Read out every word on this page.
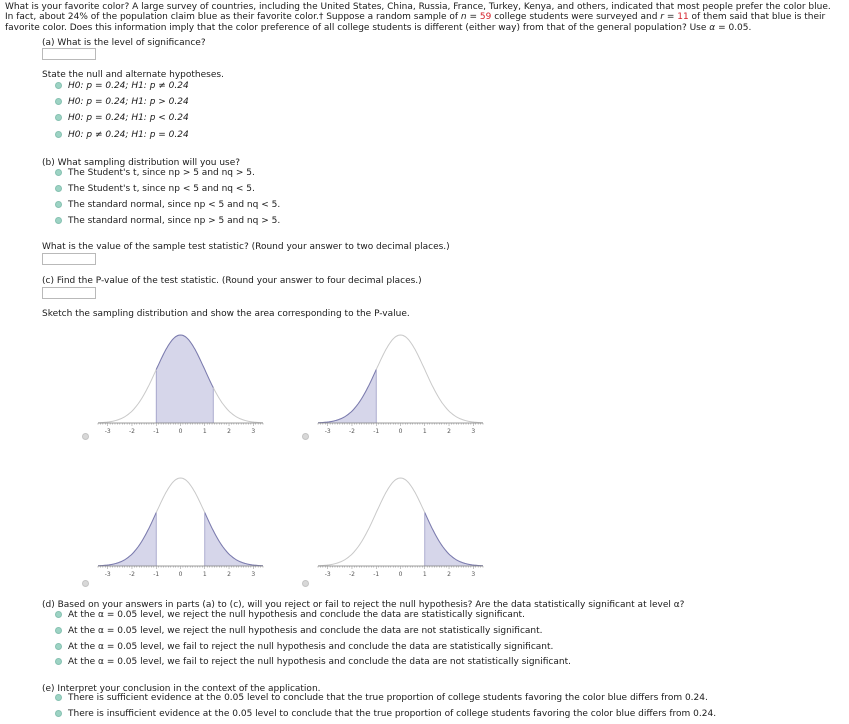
What is your favorite color? A large survey of countries, including the United States, China, Russia, France, Turkey, Kenya, and others, indicated that most people prefer the color blue. In fact, about 24% of the population claim blue as their favorite color.† Suppose a random sample of n = 59 college students were surveyed and r = 11 of them said that blue is their favorite color. Does this information imply that the color preference of all college students is different (either way) from that of the general population? Use α = 0.05.
(a) What is the level of significance?
State the null and alternate hypotheses.
H0: p = 0.24; H1: p ≠ 0.24
H0: p = 0.24; H1: p > 0.24
H0: p = 0.24; H1: p < 0.24
H0: p ≠ 0.24; H1: p = 0.24
(b) What sampling distribution will you use?
The Student's t, since np > 5 and nq > 5.
The Student's t, since np < 5 and nq < 5.
The standard normal, since np < 5 and nq < 5.
The standard normal, since np > 5 and nq > 5.
What is the value of the sample test statistic? (Round your answer to two decimal places.)
(c) Find the P-value of the test statistic. (Round your answer to four decimal places.)
Sketch the sampling distribution and show the area corresponding to the P-value.
-3	-2	-1	0	1	2	3	-3	-2	-1	0	1	2	3
-3	-2	-1	0	1	2	3	-3	-2	-1	0	1	2	3
(d) Based on your answers in parts (a) to (c), will you reject or fail to reject the null hypothesis? Are the data statistically significant at level α?
At the α = 0.05 level, we reject the null hypothesis and conclude the data are statistically significant.
At the α = 0.05 level, we reject the null hypothesis and conclude the data are not statistically significant.
At the α = 0.05 level, we fail to reject the null hypothesis and conclude the data are statistically significant.
At the α = 0.05 level, we fail to reject the null hypothesis and conclude the data are not statistically significant.
(e) Interpret your conclusion in the context of the application.
There is sufficient evidence at the 0.05 level to conclude that the true proportion of college students favoring the color blue differs from 0.24.
There is insufficient evidence at the 0.05 level to conclude that the true proportion of college students favoring the color blue differs from 0.24.
